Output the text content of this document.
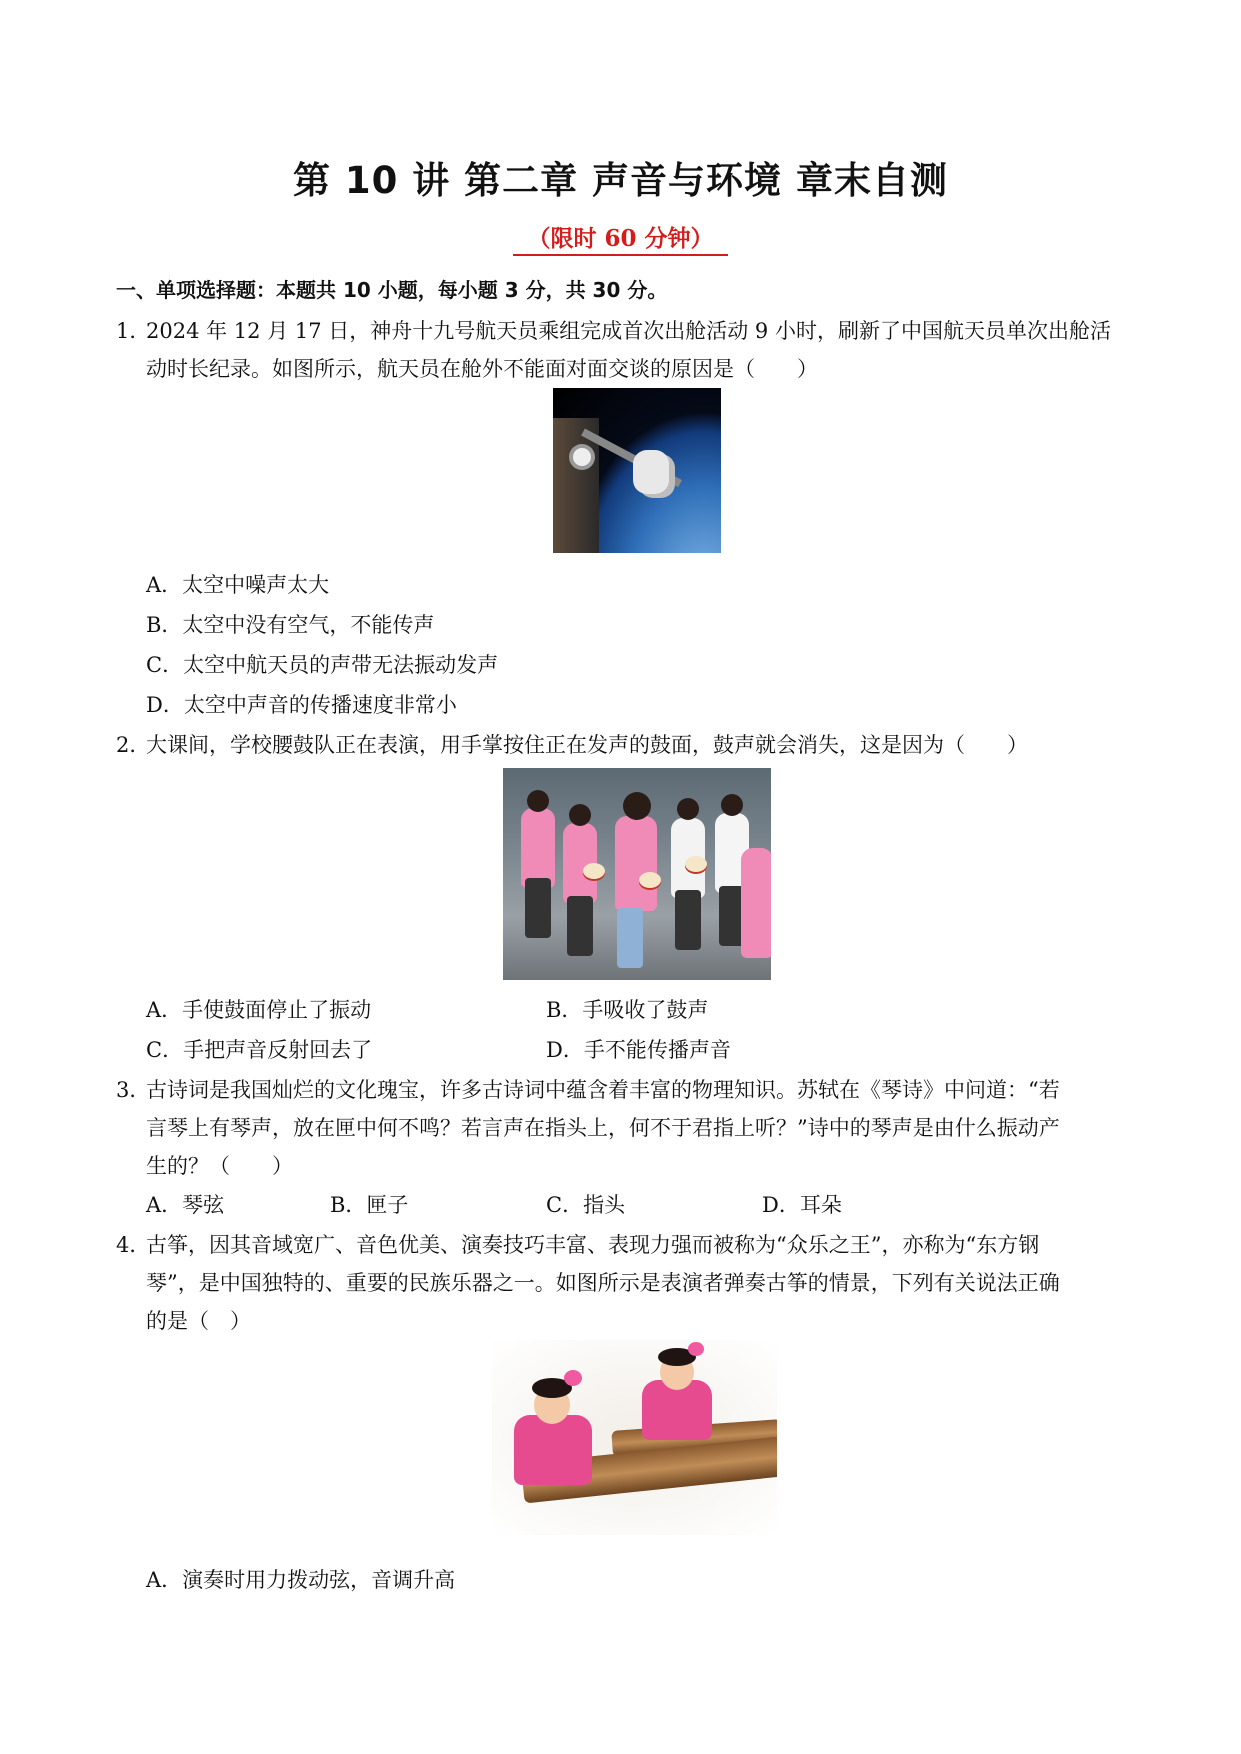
第 10 讲 第二章 声音与环境 章末自测
（限时 60 分钟）
一、单项选择题：本题共 10 小题，每小题 3 分，共 30 分。
1．
2024 年 12 月 17 日，神舟十九号航天员乘组完成首次出舱活动 9 小时，刷新了中国航天员单次出舱活
动时长纪录。如图所示，航天员在舱外不能面对面交谈的原因是（　　）
A．太空中噪声太大
B．太空中没有空气，不能传声
C．太空中航天员的声带无法振动发声
D．太空中声音的传播速度非常小
2．
大课间，学校腰鼓队正在表演，用手掌按住正在发声的鼓面，鼓声就会消失，这是因为（　　）
A．手使鼓面停止了振动	B．手吸收了鼓声
C．手把声音反射回去了	D．手不能传播声音
3．
古诗词是我国灿烂的文化瑰宝，许多古诗词中蕴含着丰富的物理知识。苏轼在《琴诗》中问道：“若
言琴上有琴声，放在匣中何不鸣？若言声在指头上，何不于君指上听？”诗中的琴声是由什么振动产
生的？（　　）
A．琴弦	B．匣子	C．指头	D．耳朵
4．
古筝，因其音域宽广、音色优美、演奏技巧丰富、表现力强而被称为“众乐之王”，亦称为“东方钢
琴”，是中国独特的、重要的民族乐器之一。如图所示是表演者弹奏古筝的情景，下列有关说法正确
的是（　）
A．演奏时用力拨动弦，音调升高
